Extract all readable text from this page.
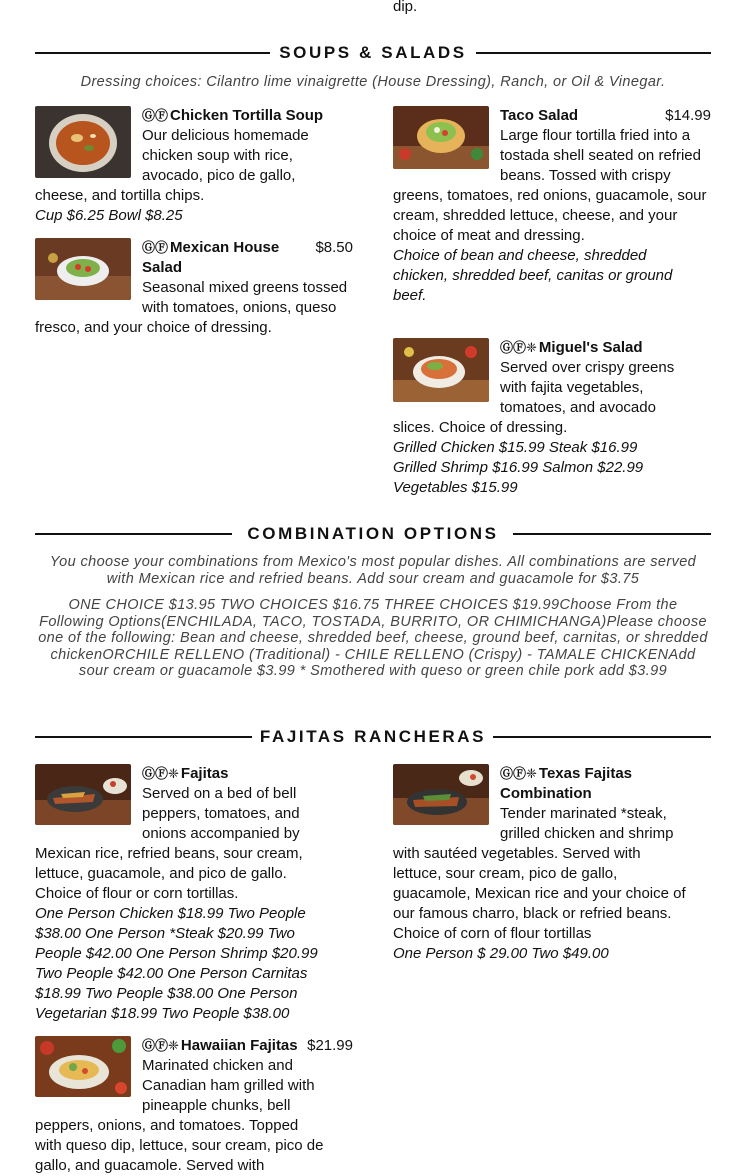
dip.
SOUPS & SALADS
Dressing choices: Cilantro lime vinaigrette (House Dressing), Ranch, or Oil & Vinegar.
ⒼⒻ Chicken Tortilla Soup
Our delicious homemade chicken soup with rice, avocado, pico de gallo, cheese, and tortilla chips.
Cup $6.25 Bowl $8.25
$8.50
ⒼⒻ Mexican House Salad
Seasonal mixed greens tossed with tomatoes, onions, queso fresco, and your choice of dressing.
$14.99
Taco Salad
Large flour tortilla fried into a tostada shell seated on refried beans. Tossed with crispy greens, tomatoes, red onions, guacamole, sour cream, shredded lettuce, cheese, and your choice of meat and dressing.
Choice of bean and cheese, shredded chicken, shredded beef, canitas or ground beef.
ⒼⒻ❈ Miguel's Salad
Served over crispy greens with fajita vegetables, tomatoes, and avocado slices. Choice of dressing.
Grilled Chicken $15.99 Steak $16.99 Grilled Shrimp $16.99 Salmon $22.99 Vegetables $15.99
COMBINATION OPTIONS
You choose your combinations from Mexico's most popular dishes. All combinations are served with Mexican rice and refried beans. Add sour cream and guacamole for $3.75
ONE CHOICE $13.95 TWO CHOICES $16.75 THREE CHOICES $19.99Choose From the Following Options(ENCHILADA, TACO, TOSTADA, BURRITO, OR CHIMICHANGA)Please choose one of the following: Bean and cheese, shredded beef, cheese, ground beef, carnitas, or shredded chickenORCHILE RELLENO (Traditional) - CHILE RELLENO (Crispy) - TAMALE CHICKENAdd sour cream or guacamole $3.99 * Smothered with queso or green chile pork add $3.99
FAJITAS RANCHERAS
ⒼⒻ❈ Fajitas
Served on a bed of bell peppers, tomatoes, and onions accompanied by Mexican rice, refried beans, sour cream, lettuce, guacamole, and pico de gallo. Choice of flour or corn tortillas.
One Person Chicken $18.99 Two People $38.00 One Person *Steak $20.99 Two People $42.00 One Person Shrimp $20.99 Two People $42.00 One Person Carnitas $18.99 Two People $38.00 One Person Vegetarian $18.99 Two People $38.00
ⒼⒻ❈ Texas Fajitas Combination
Tender marinated *steak, grilled chicken and shrimp with sautéed vegetables. Served with lettuce, sour cream, pico de gallo, guacamole, Mexican rice and your choice of our famous charro, black or refried beans. Choice of corn of flour tortillas
One Person $ 29.00 Two $49.00
$21.99
ⒼⒻ❈ Hawaiian Fajitas

Marinated chicken and Canadian ham grilled with pineapple chunks, bell peppers, onions, and tomatoes. Topped with queso dip, lettuce, sour cream, pico de gallo, and guacamole. Served with
